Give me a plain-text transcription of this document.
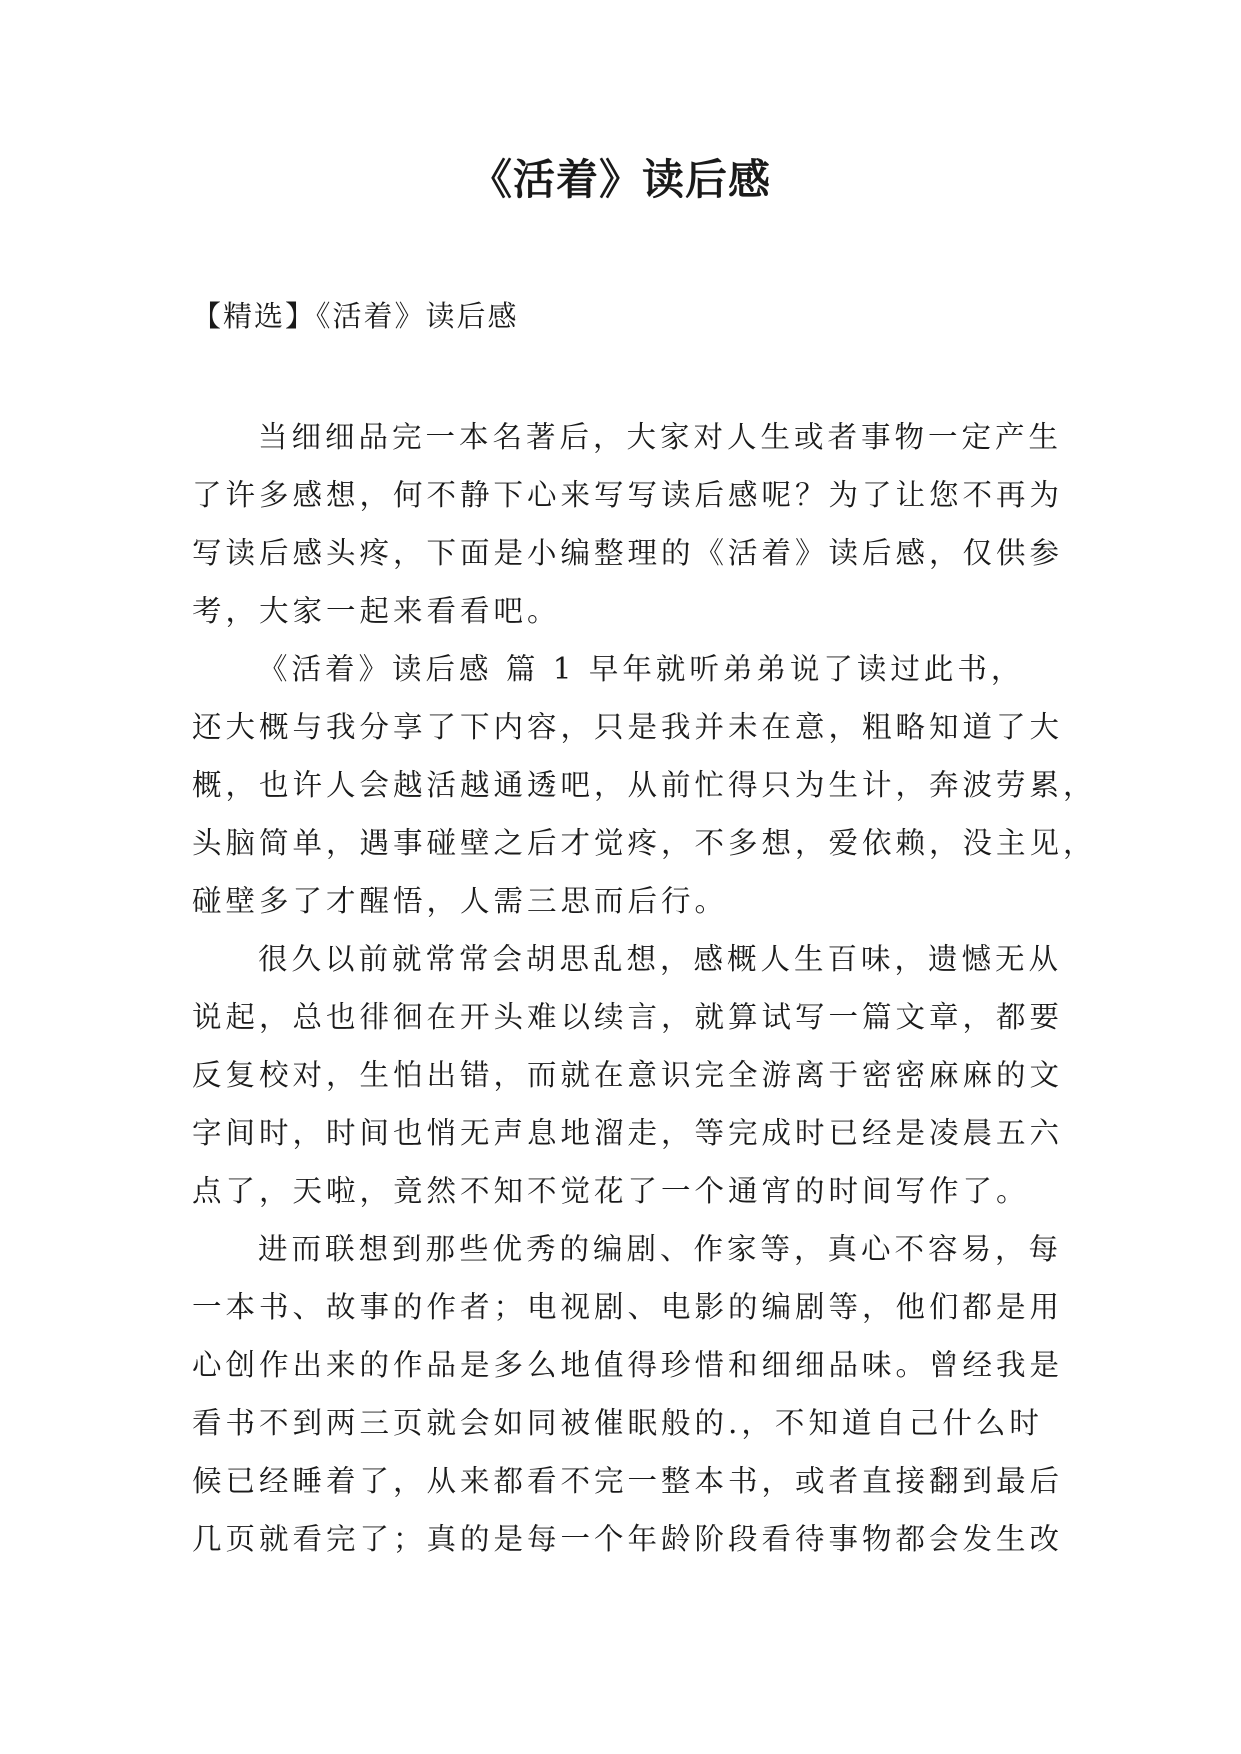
《活着》读后感
【精选】《活着》读后感
当细细品完一本名著后，大家对人生或者事物一定产生
了许多感想，何不静下心来写写读后感呢？为了让您不再为
写读后感头疼，下面是小编整理的《活着》读后感，仅供参
考，大家一起来看看吧。
《活着》读后感 篇 1 早年就听弟弟说了读过此书，
还大概与我分享了下内容，只是我并未在意，粗略知道了大
概，也许人会越活越通透吧，从前忙得只为生计，奔波劳累，
头脑简单，遇事碰壁之后才觉疼，不多想，爱依赖，没主见，
碰壁多了才醒悟，人需三思而后行。
很久以前就常常会胡思乱想，感概人生百味，遗憾无从
说起，总也徘徊在开头难以续言，就算试写一篇文章，都要
反复校对，生怕出错，而就在意识完全游离于密密麻麻的文
字间时，时间也悄无声息地溜走，等完成时已经是凌晨五六
点了，天啦，竟然不知不觉花了一个通宵的时间写作了。
进而联想到那些优秀的编剧、作家等，真心不容易，每
一本书、故事的作者；电视剧、电影的编剧等，他们都是用
心创作出来的作品是多么地值得珍惜和细细品味。曾经我是
看书不到两三页就会如同被催眠般的.，不知道自己什么时
候已经睡着了，从来都看不完一整本书，或者直接翻到最后
几页就看完了；真的是每一个年龄阶段看待事物都会发生改
